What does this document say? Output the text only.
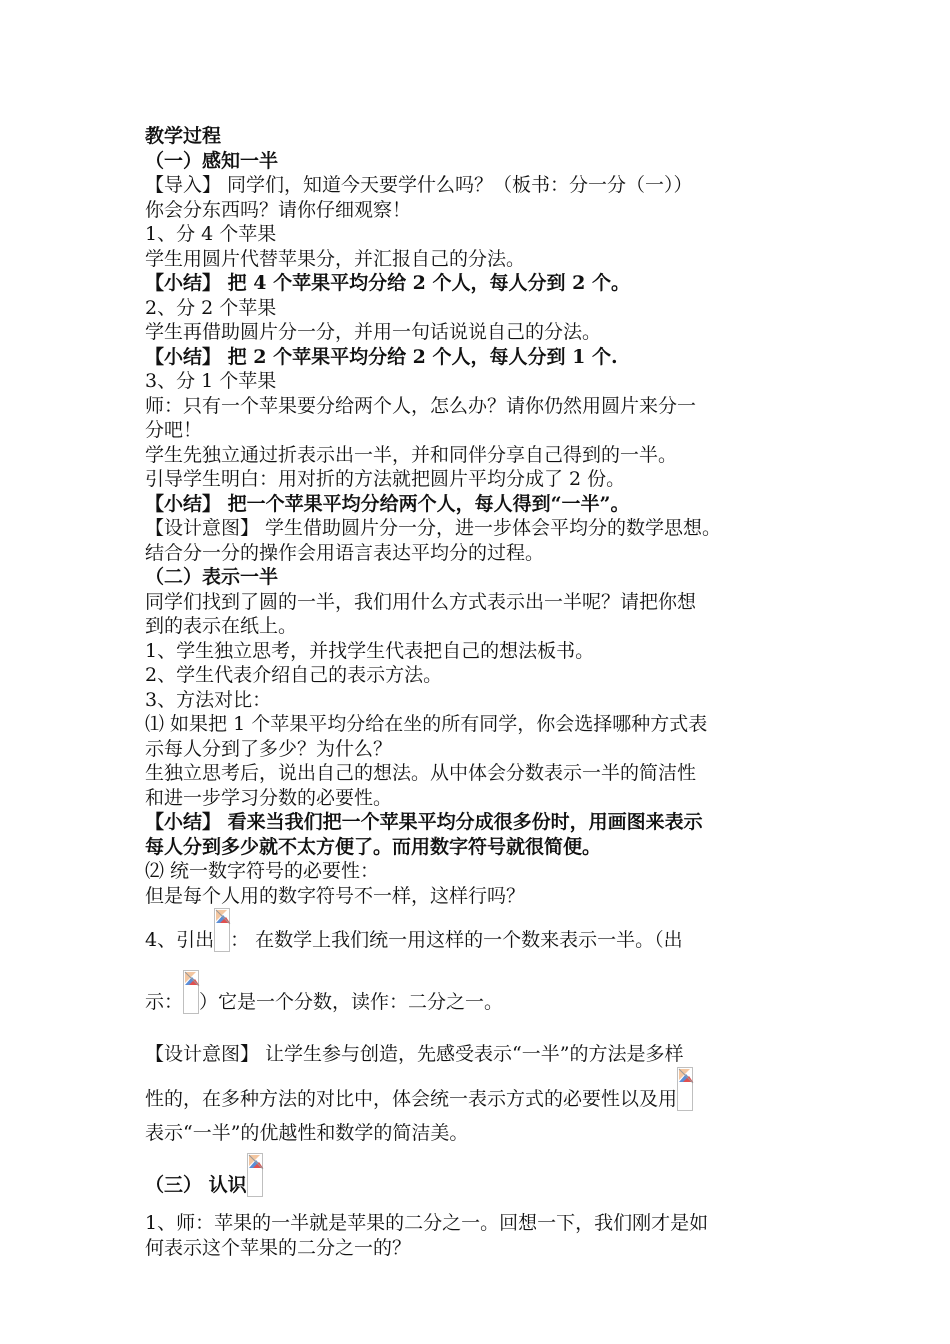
教学过程
（一）感知一半
【导入】 同学们，知道今天要学什么吗？（板书：分一分（一））
你会分东西吗？请你仔细观察！
1、分 4 个苹果
学生用圆片代替苹果分，并汇报自己的分法。
【小结】 把 4 个苹果平均分给 2 个人，每人分到 2 个。
2、分 2 个苹果
学生再借助圆片分一分，并用一句话说说自己的分法。
【小结】 把 2 个苹果平均分给 2 个人，每人分到 1 个.
3、分 1 个苹果
师：只有一个苹果要分给两个人，怎么办？请你仍然用圆片来分一
分吧！
学生先独立通过折表示出一半，并和同伴分享自己得到的一半。
引导学生明白：用对折的方法就把圆片平均分成了 2 份。
【小结】 把一个苹果平均分给两个人，每人得到“一半”。
【设计意图】 学生借助圆片分一分，进一步体会平均分的数学思想。
结合分一分的操作会用语言表达平均分的过程。
（二）表示一半
同学们找到了圆的一半，我们用什么方式表示出一半呢？请把你想
到的表示在纸上。
1、学生独立思考，并找学生代表把自己的想法板书。
2、学生代表介绍自己的表示方法。
3、方法对比：
⑴ 如果把 1 个苹果平均分给在坐的所有同学，你会选择哪种方式表
示每人分到了多少？为什么？
生独立思考后，说出自己的想法。从中体会分数表示一半的简洁性
和进一步学习分数的必要性。
【小结】 看来当我们把一个苹果平均分成很多份时，用画图来表示
每人分到多少就不太方便了。而用数字符号就很简便。
⑵ 统一数字符号的必要性：
但是每个人用的数字符号不一样，这样行吗？
4、引出 ： 在数学上我们统一用这样的一个数来表示一半。（出
示： ）它是一个分数，读作：二分之一。
【设计意图】 让学生参与创造，先感受表示“一半”的方法是多样
性的，在多种方法的对比中，体会统一表示方式的必要性以及用
表示“一半”的优越性和数学的简洁美。
（三） 认识
1、师：苹果的一半就是苹果的二分之一。回想一下，我们刚才是如
何表示这个苹果的二分之一的？
